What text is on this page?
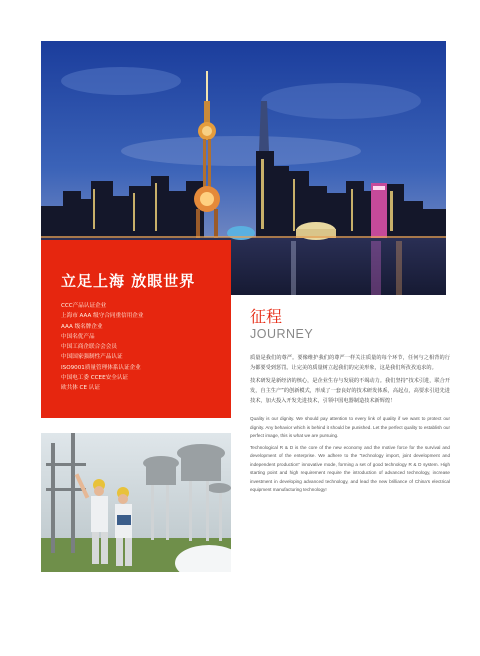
立足上海 放眼世界
CCC产品认证企业
上海市 AAA 级守合同重信用企业
AAA 级名牌企业
中国名优产品
中国工商企联合会会员
中国国家强制性产品认证
ISO9001质量管理体系认证企业
中国电工委 CCEE安全认证
欧共体 CE 认证
征程
JOURNEY

质量是我们的尊严。要像维护我们的尊严一样关注质量的每个环节，任何与之相背的行为都要受到惩罚。让完美的质量树立起我们的完美形象，这是我们所孜孜追求的。

技术研发是新经济的核心，是企业生存与发展的不竭动力。我们坚持“技术引进，联合开发，自主生产”的创新模式，形成了一套良好的技术研发体系，高起点，高要求引进先进技术，加大投入开发先进技术，引领中国电器制造技术新辉煌！

Quality is our dignity. We should pay attention to every link of quality if we want to protect our dignity. Any behavior which is behind it should be punished. Let the perfect quality to establish our perfect image, this is what we are pursuing.

Technological R & D is the core of the new economy and the motive force for the survival and development of the enterprise. We adhere to the "technology import, joint development and independent production" innovative mode, forming a set of good technology R & D system. High starting point and high requirement require the introduction of advanced technology, increase investment in developing advanced technology, and lead the new brilliance of China's electrical equipment manufacturing technology!
